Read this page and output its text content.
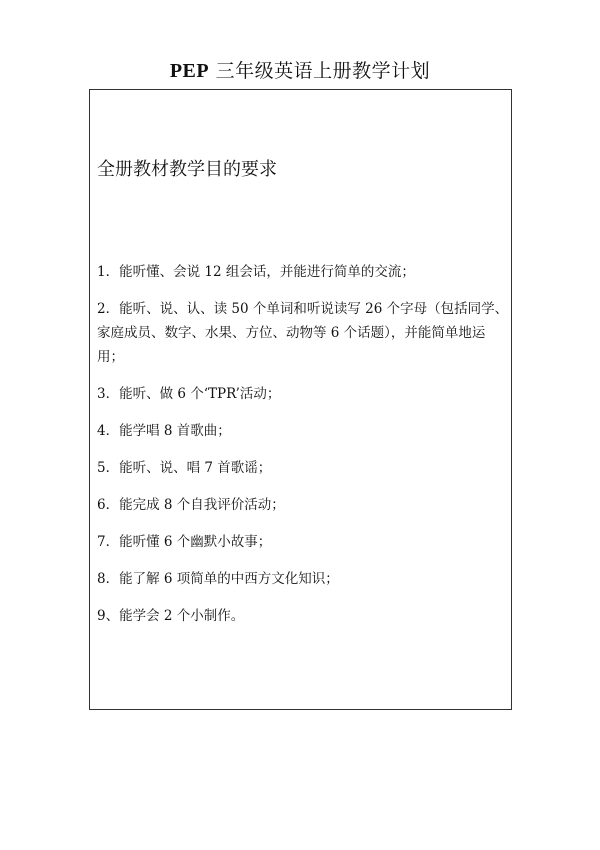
PEP 三年级英语上册教学计划
全册教材教学目的要求
1．能听懂、会说 12 组会话，并能进行简单的交流；
2．能听、说、认、读 50 个单词和听说读写 26 个字母（包括同学、家庭成员、数字、水果、方位、动物等 6 个话题），并能简单地运用；
3．能听、做 6 个‘TPR’活动；
4．能学唱 8 首歌曲；
5．能听、说、唱 7 首歌谣；
6．能完成 8 个自我评价活动；
7．能听懂 6 个幽默小故事；
8．能了解 6 项简单的中西方文化知识；
9、能学会 2 个小制作。
